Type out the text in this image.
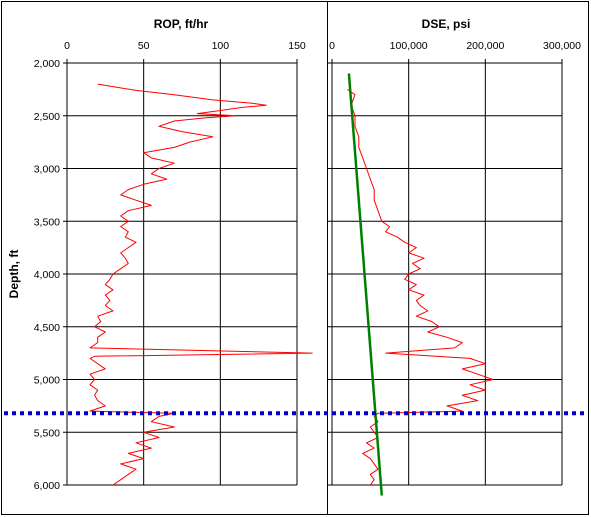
ROP, ft/hr	DSE, psi
Depth, ft
2,000
2,500
3,000
3,500
4,000
4,500
5,000
5,500
6,000
0	50	100	150 0	100,000	200,000	300,000
